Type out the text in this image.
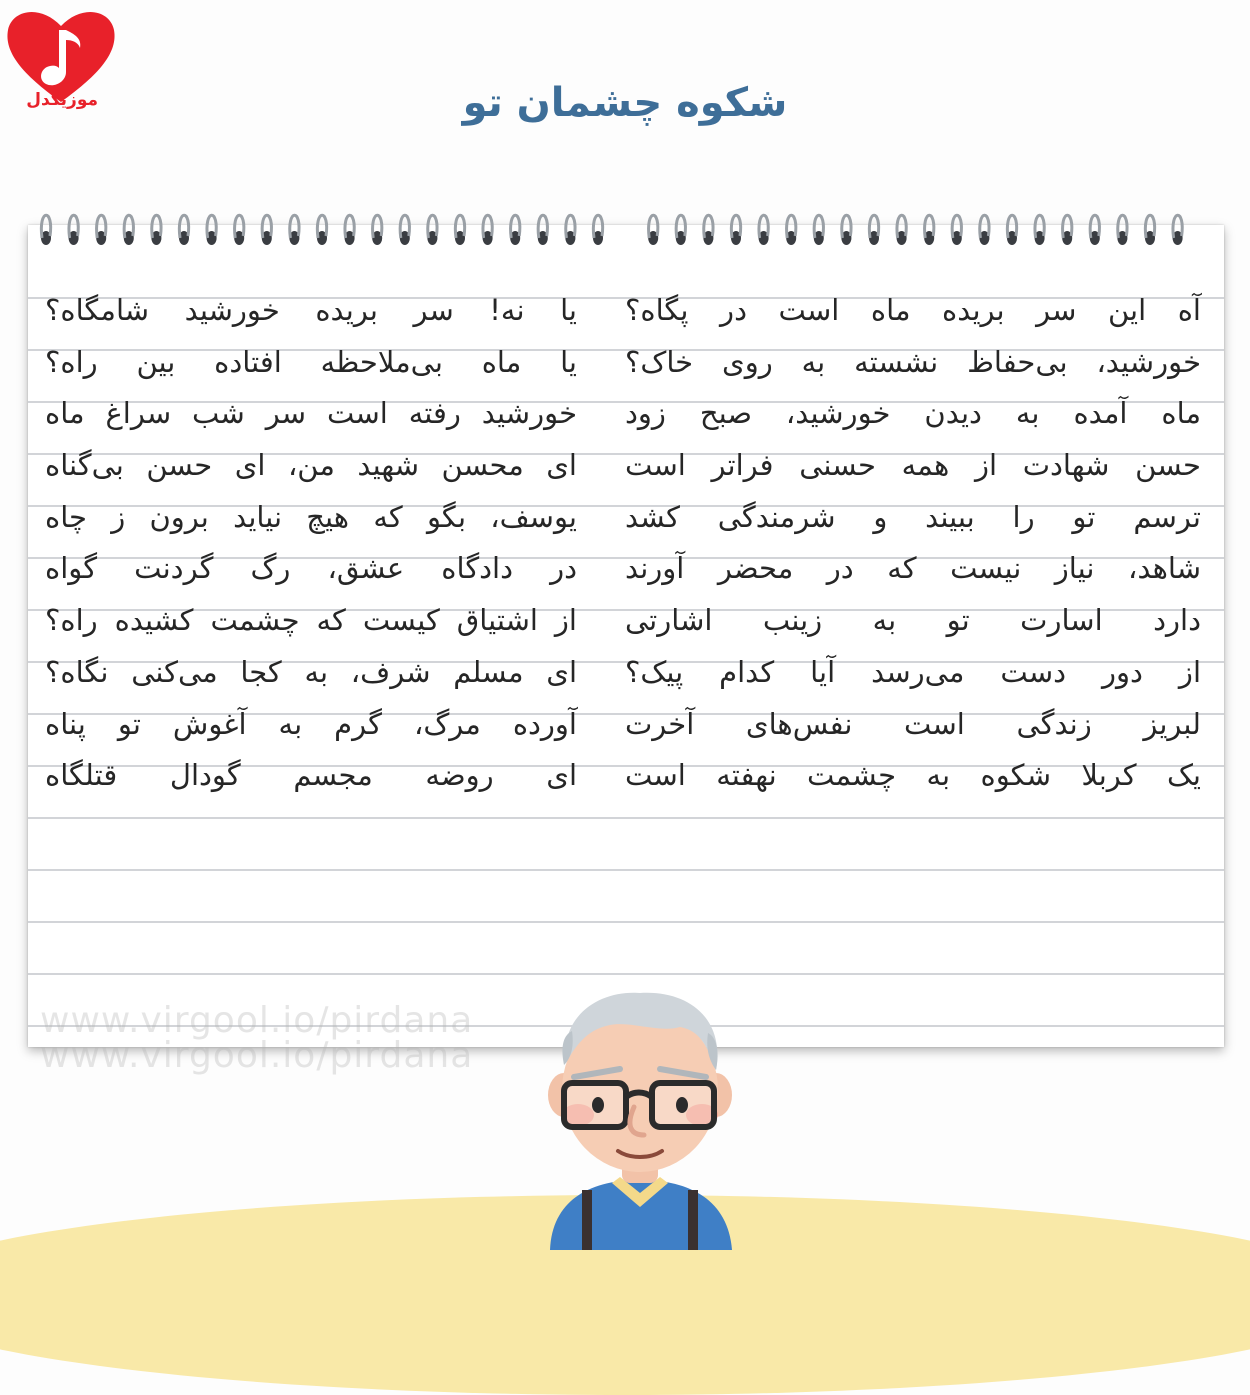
موزیکدل	شکوه چشمان تو
www.virgool.io/pirdana
www.virgool.io/pirdana
آه این سر بریده ماه است در پگاه؟
خورشید، بی‌حفاظ نشسته به روی خاک؟
ماه آمده به دیدن خورشید، صبح زود
حسن شهادت از همه حسنی فراتر است
ترسم تو را ببیند و شرمندگی کشد
شاهد، نیاز نیست که در محضر آورند
دارد اسارت تو به زینب اشارتی
از دور دست می‌رسد آیا کدام پیک؟
لبریز زندگی است نفس‌های آخرت
یک کربلا شکوه به چشمت نهفته است
یا نه! سر بریده خورشید شامگاه؟
یا ماه بی‌ملاحظه افتاده بین راه؟
خورشید رفته است سر شب سراغ ماه
ای محسن شهید من، ای حسن بی‌گناه
یوسف، بگو که هیچ نیاید برون ز چاه
در دادگاه عشق، رگ گردنت گواه
از اشتیاق کیست که چشمت کشیده راه؟
ای مسلم شرف، به کجا می‌کنی نگاه؟
آورده مرگ، گرم به آغوش تو پناه
ای روضه مجسم گودال قتلگاه
